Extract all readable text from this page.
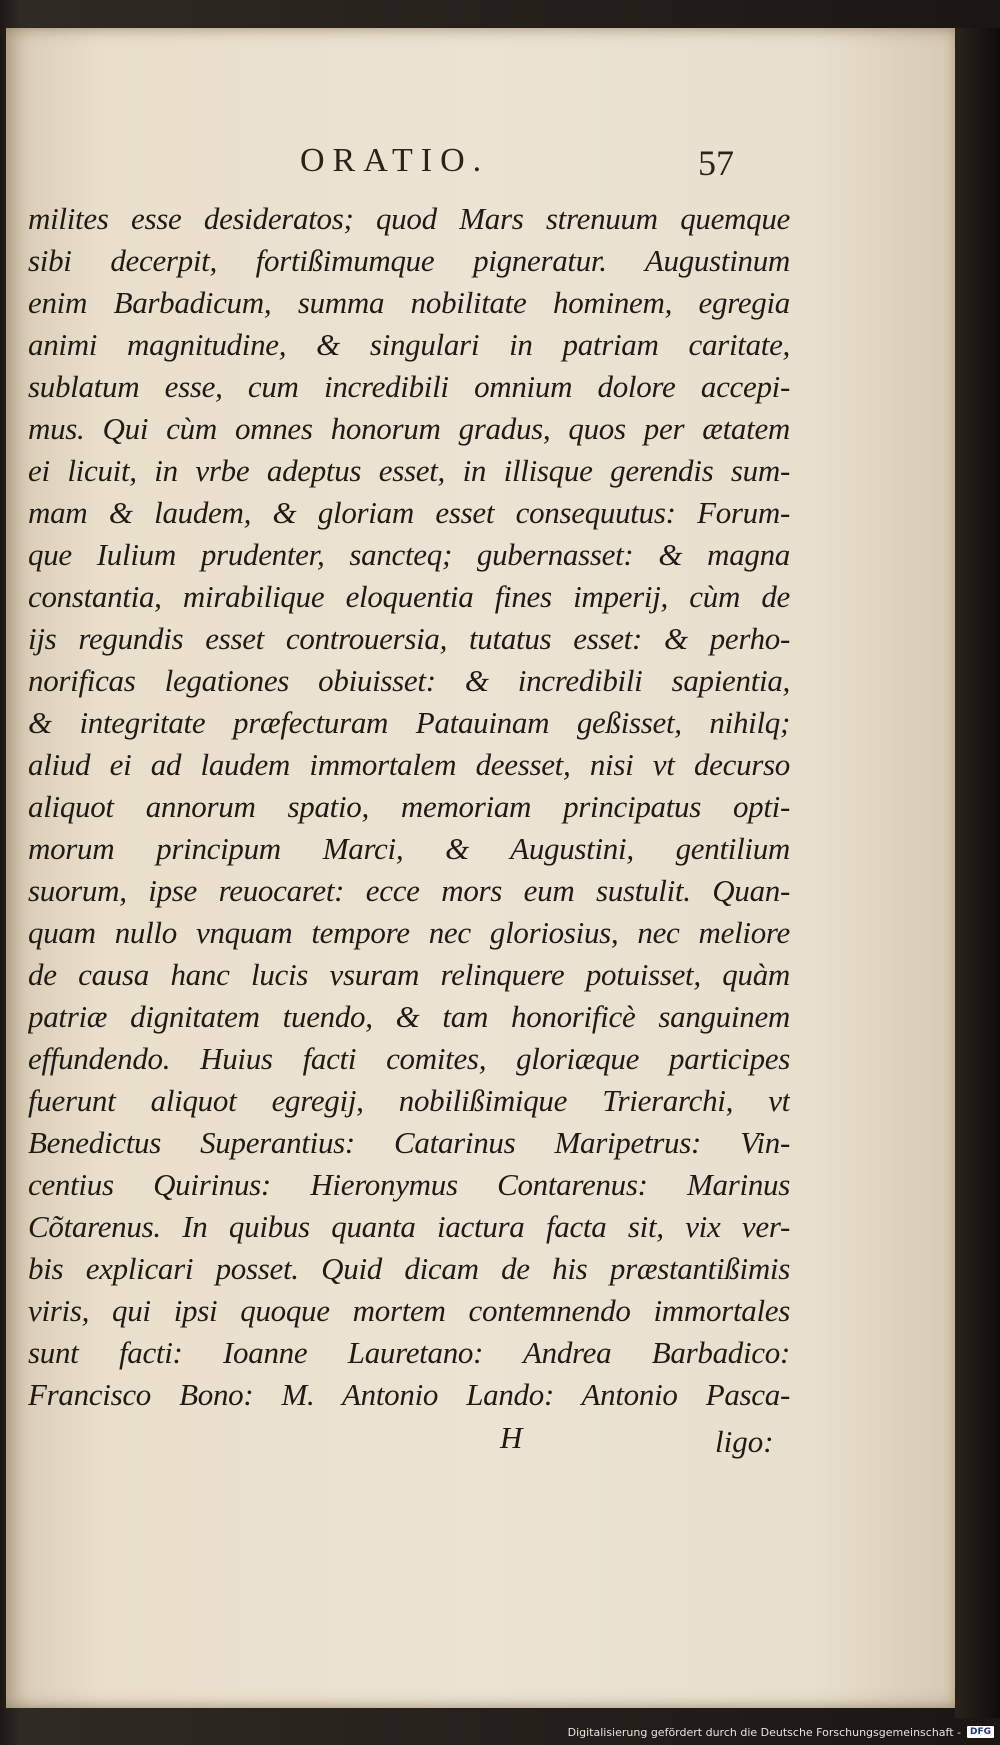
ORATIO.	57
milites esse desideratos; quod Mars strenuum quemque
sibi decerpit, fortißimumque pigneratur. Augustinum
enim Barbadicum, summa nobilitate hominem, egregia
animi magnitudine, & singulari in patriam caritate,
sublatum esse, cum incredibili omnium dolore accepi-
mus. Qui cùm omnes honorum gradus, quos per ætatem
ei licuit, in vrbe adeptus esset, in illisque gerendis sum-
mam & laudem, & gloriam esset consequutus: Forum-
que Iulium prudenter, sancteq; gubernasset: & magna
constantia, mirabilique eloquentia fines imperij, cùm de
ijs regundis esset controuersia, tutatus esset: & perho-
norificas legationes obiuisset: & incredibili sapientia,
& integritate præfecturam Patauinam geßisset, nihilq;
aliud ei ad laudem immortalem deesset, nisi vt decurso
aliquot annorum spatio, memoriam principatus opti-
morum principum Marci, & Augustini, gentilium
suorum, ipse reuocaret: ecce mors eum sustulit. Quan-
quam nullo vnquam tempore nec gloriosius, nec meliore
de causa hanc lucis vsuram relinquere potuisset, quàm
patriæ dignitatem tuendo, & tam honorificè sanguinem
effundendo. Huius facti comites, gloriæque participes
fuerunt aliquot egregij, nobilißimique Trierarchi, vt
Benedictus Superantius: Catarinus Maripetrus: Vin-
centius Quirinus: Hieronymus Contarenus: Marinus
Cõtarenus. In quibus quanta iactura facta sit, vix ver-
bis explicari posset. Quid dicam de his præstantißimis
viris, qui ipsi quoque mortem contemnendo immortales
sunt facti: Ioanne Lauretano: Andrea Barbadico:
Francisco Bono: M. Antonio Lando: Antonio Pasca-
H	ligo:
Digitalisierung gefördert durch die Deutsche Forschungsgemeinschaft -	DFG
